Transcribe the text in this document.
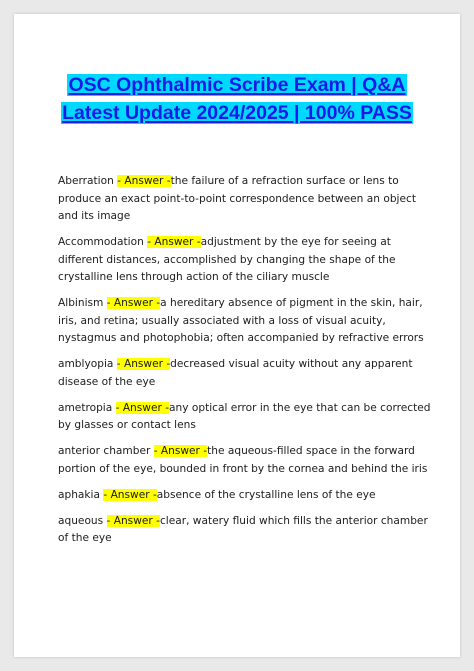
OSC Ophthalmic Scribe Exam | Q&A Latest Update 2024/2025 | 100% PASS

Aberration - Answer -the failure of a refraction surface or lens to produce an exact point-to-point correspondence between an object and its image

Accommodation - Answer -adjustment by the eye for seeing at different distances, accomplished by changing the shape of the crystalline lens through action of the ciliary muscle

Albinism - Answer -a hereditary absence of pigment in the skin, hair, iris, and retina; usually associated with a loss of visual acuity, nystagmus and photophobia; often accompanied by refractive errors

amblyopia - Answer -decreased visual acuity without any apparent disease of the eye

ametropia - Answer -any optical error in the eye that can be corrected by glasses or contact lens

anterior chamber - Answer -the aqueous-filled space in the forward portion of the eye, bounded in front by the cornea and behind the iris

aphakia - Answer -absence of the crystalline lens of the eye

aqueous - Answer -clear, watery fluid which fills the anterior chamber of the eye
